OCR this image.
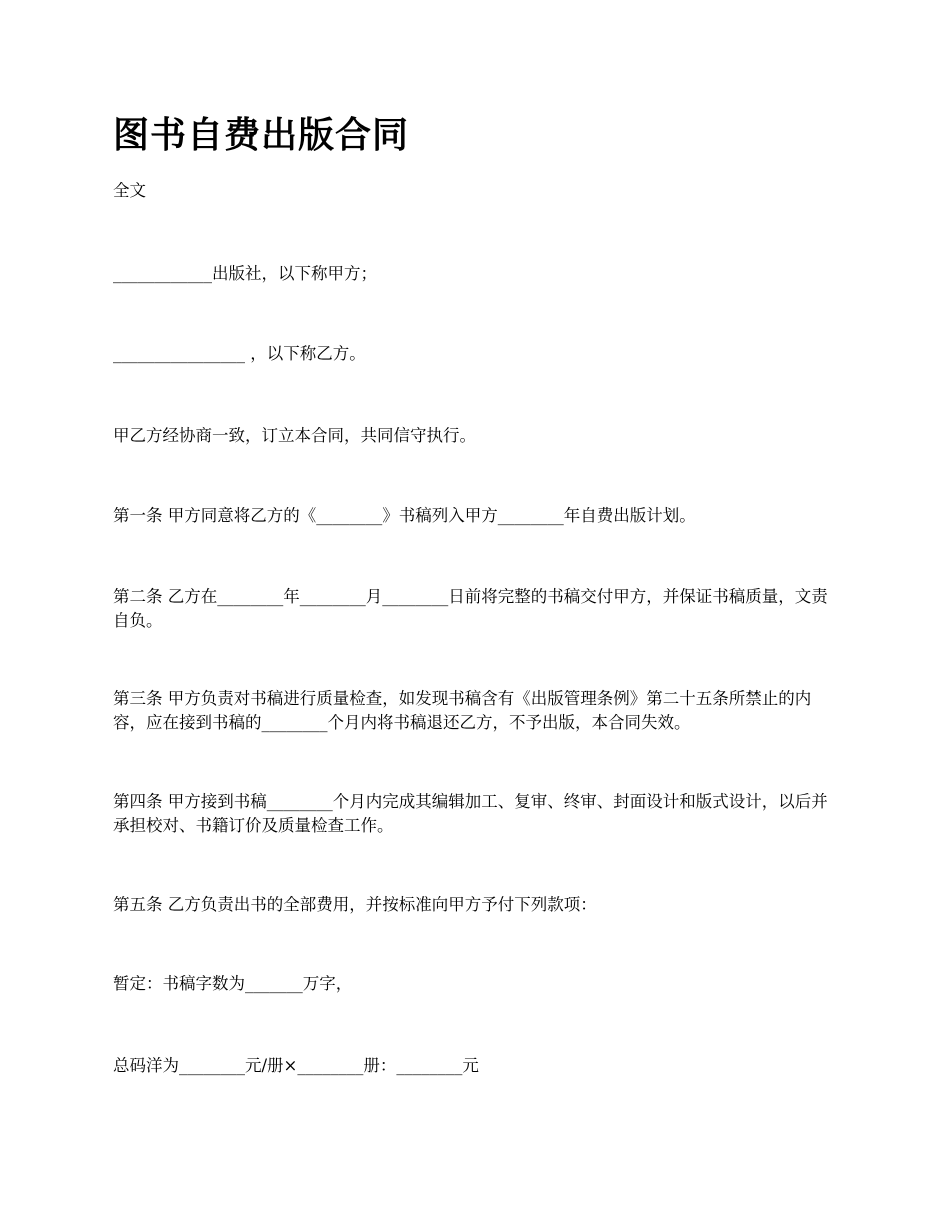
图书自费出版合同

全文

____________出版社，以下称甲方；

________________ ，以下称乙方。

甲乙方经协商一致，订立本合同，共同信守执行。

第一条 甲方同意将乙方的《________》书稿列入甲方________年自费出版计划。

第二条 乙方在________年________月________日前将完整的书稿交付甲方，并保证书稿质量，文责自负。

第三条 甲方负责对书稿进行质量检查，如发现书稿含有《出版管理条例》第二十五条所禁止的内容，应在接到书稿的________个月内将书稿退还乙方，不予出版，本合同失效。

第四条 甲方接到书稿________个月内完成其编辑加工、复审、终审、封面设计和版式设计，以后并承担校对、书籍订价及质量检查工作。

第五条 乙方负责出书的全部费用，并按标准向甲方予付下列款项：

暂定：书稿字数为_______万字，

总码洋为________元/册×________册：________元
